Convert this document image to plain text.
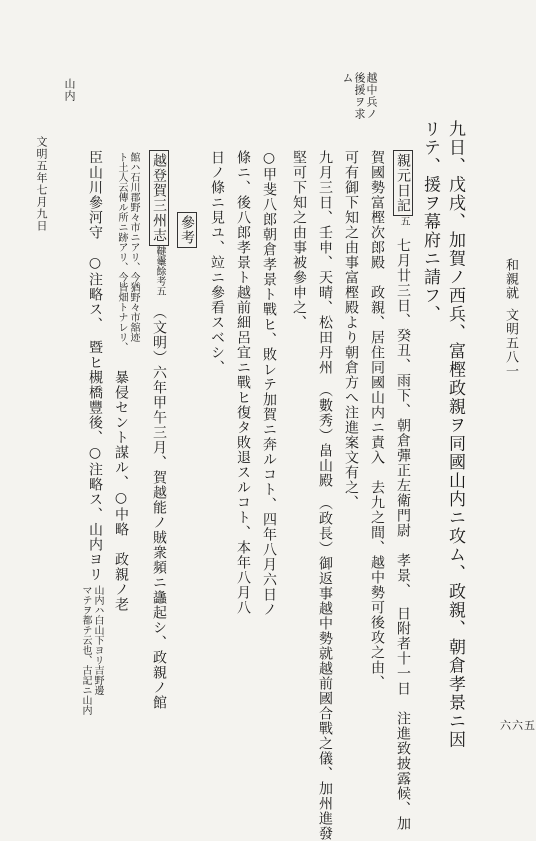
和親就
文明五八一
九日、戊戌、加賀ノ西兵、富樫政親ヲ同國山内ニ攻ム、政親、朝倉孝景ニ因
リテ、援ヲ幕府ニ請フ、
親元日記五
七月廿三日、癸丑、雨下、朝倉彈正左衛門尉　孝景、　日附者十一日　注進致披露候、加
賀國勢富樫次郎殿　政親、居住同國山内ニ責入　去九之間、越中勢可後攻之由、
可有御下知之由事富樫殿より朝倉方へ注進案文有之、
九月三日、壬申、天晴、松田丹州　（數秀）畠山殿　（政長）御返事越中勢就越前國合戰之儀、加州進發
堅可下知之由事被參申之、
○甲斐八郎朝倉孝景ト戰ヒ、敗レテ加賀ニ奔ルコト、四年八月六日ノ
條ニ、後八郎孝景ト越前細呂宜ニ戰ヒ復タ敗退スルコト、本年八月八
日ノ條ニ見ユ、竝ニ參看スベシ、
參考
越登賀三州志鞬櫜餘考五
（文明）六年甲午三月、賀越能ノ賊衆頻ニ蠭起シ、政親ノ館
館ハ石川郡野々市ニアリ、今猶野々市舘迹
ト土人云傳ル所ニ跡アリ、今皆畑トナレリ、
暴侵セント謀ル、○中略　政親ノ老
臣山川參河守　○注略ス、　暨ヒ槻橋豐後、○注略ス、山内ヨリ
山内ハ白山下ヨリ吉野邊
マテヲ都テ云也、古記ニ山内
越中兵ノ
後援ヲ求
ム
山内
文明五年七月九日
六六五
